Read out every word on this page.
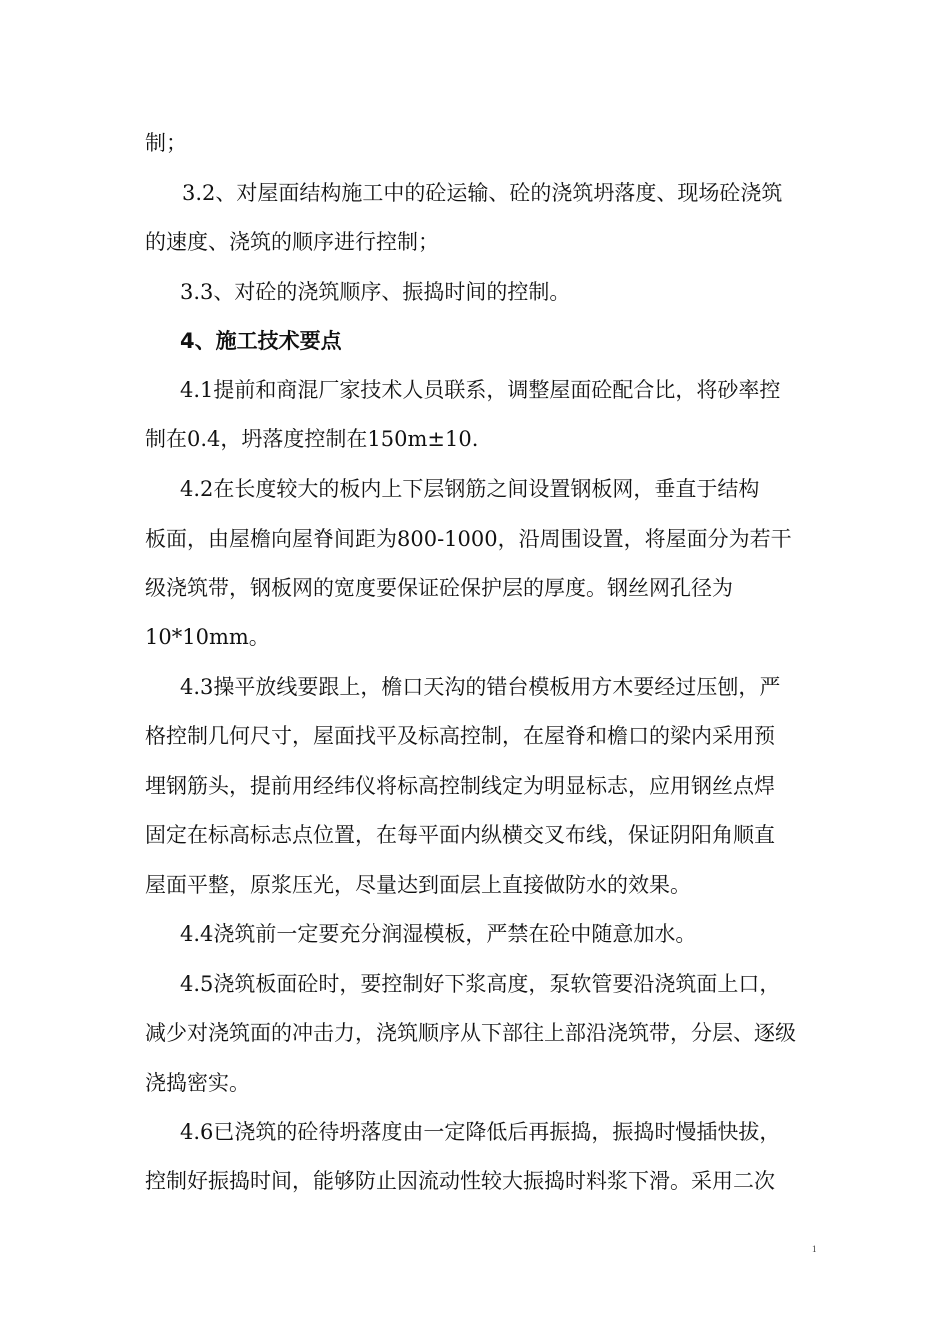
制；
3.2、对屋面结构施工中的砼运输、砼的浇筑坍落度、现场砼浇筑
的速度、浇筑的顺序进行控制；
3.3、对砼的浇筑顺序、振捣时间的控制。
4、施工技术要点
4.1提前和商混厂家技术人员联系，调整屋面砼配合比，将砂率控
制在0.4，坍落度控制在150m±10.
4.2在长度较大的板内上下层钢筋之间设置钢板网，垂直于结构
板面，由屋檐向屋脊间距为800-1000，沿周围设置，将屋面分为若干
级浇筑带，钢板网的宽度要保证砼保护层的厚度。钢丝网孔径为
10*10mm。
4.3操平放线要跟上，檐口天沟的错台模板用方木要经过压刨，严
格控制几何尺寸，屋面找平及标高控制，在屋脊和檐口的梁内采用预
埋钢筋头，提前用经纬仪将标高控制线定为明显标志，应用钢丝点焊
固定在标高标志点位置，在每平面内纵横交叉布线，保证阴阳角顺直
屋面平整，原浆压光，尽量达到面层上直接做防水的效果。
4.4浇筑前一定要充分润湿模板，严禁在砼中随意加水。
4.5浇筑板面砼时，要控制好下浆高度，泵软管要沿浇筑面上口，
减少对浇筑面的冲击力，浇筑顺序从下部往上部沿浇筑带，分层、逐级
浇捣密实。
4.6已浇筑的砼待坍落度由一定降低后再振捣，振捣时慢插快拔，
控制好振捣时间，能够防止因流动性较大振捣时料浆下滑。采用二次
1
